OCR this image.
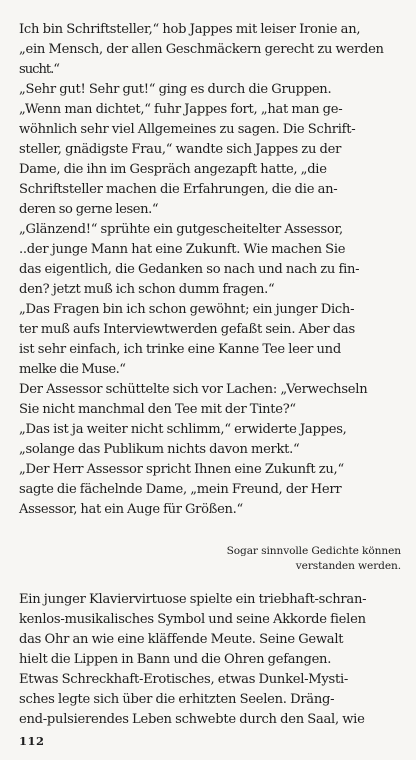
Ich bin Schriftsteller,“ hob Jappes mit leiser Ironie an,
„ein Mensch, der allen Geschmäckern gerecht zu werden
sucht.“
„Sehr gut! Sehr gut!“ ging es durch die Gruppen.
„Wenn man dichtet,“ fuhr Jappes fort, „hat man ge-
wöhnlich sehr viel Allgemeines zu sagen. Die Schrift-
steller, gnädigste Frau,“ wandte sich Jappes zu der
Dame, die ihn im Gespräch angezapft hatte, „die
Schriftsteller machen die Erfahrungen, die die an-
deren so gerne lesen.“
„Glänzend!“ sprühte ein gutgescheitelter Assessor,
..der junge Mann hat eine Zukunft. Wie machen Sie
das eigentlich, die Gedanken so nach und nach zu fin-
den? jetzt muß ich schon dumm fragen.“
„Das Fragen bin ich schon gewöhnt; ein junger Dich-
ter muß aufs Interviewtwerden gefaßt sein. Aber das
ist sehr einfach, ich trinke eine Kanne Tee leer und
melke die Muse.“
Der Assessor schüttelte sich vor Lachen: „Verwechseln
Sie nicht manchmal den Tee mit der Tinte?“
„Das ist ja weiter nicht schlimm,“ erwiderte Jappes,
„solange das Publikum nichts davon merkt.“
„Der Herr Assessor spricht Ihnen eine Zukunft zu,“
sagte die fächelnde Dame, „mein Freund, der Herr
Assessor, hat ein Auge für Größen.“
Sogar sinnvolle Gedichte können
verstanden werden.
Ein junger Klaviervirtuose spielte ein triebhaft-schran-
kenlos-musikalisches Symbol und seine Akkorde fielen
das Ohr an wie eine kläffende Meute. Seine Gewalt
hielt die Lippen in Bann und die Ohren gefangen.
Etwas Schreckhaft-Erotisches, etwas Dunkel-Mysti-
sches legte sich über die erhitzten Seelen. Dräng-
end-pulsierendes Leben schwebte durch den Saal, wie
112
